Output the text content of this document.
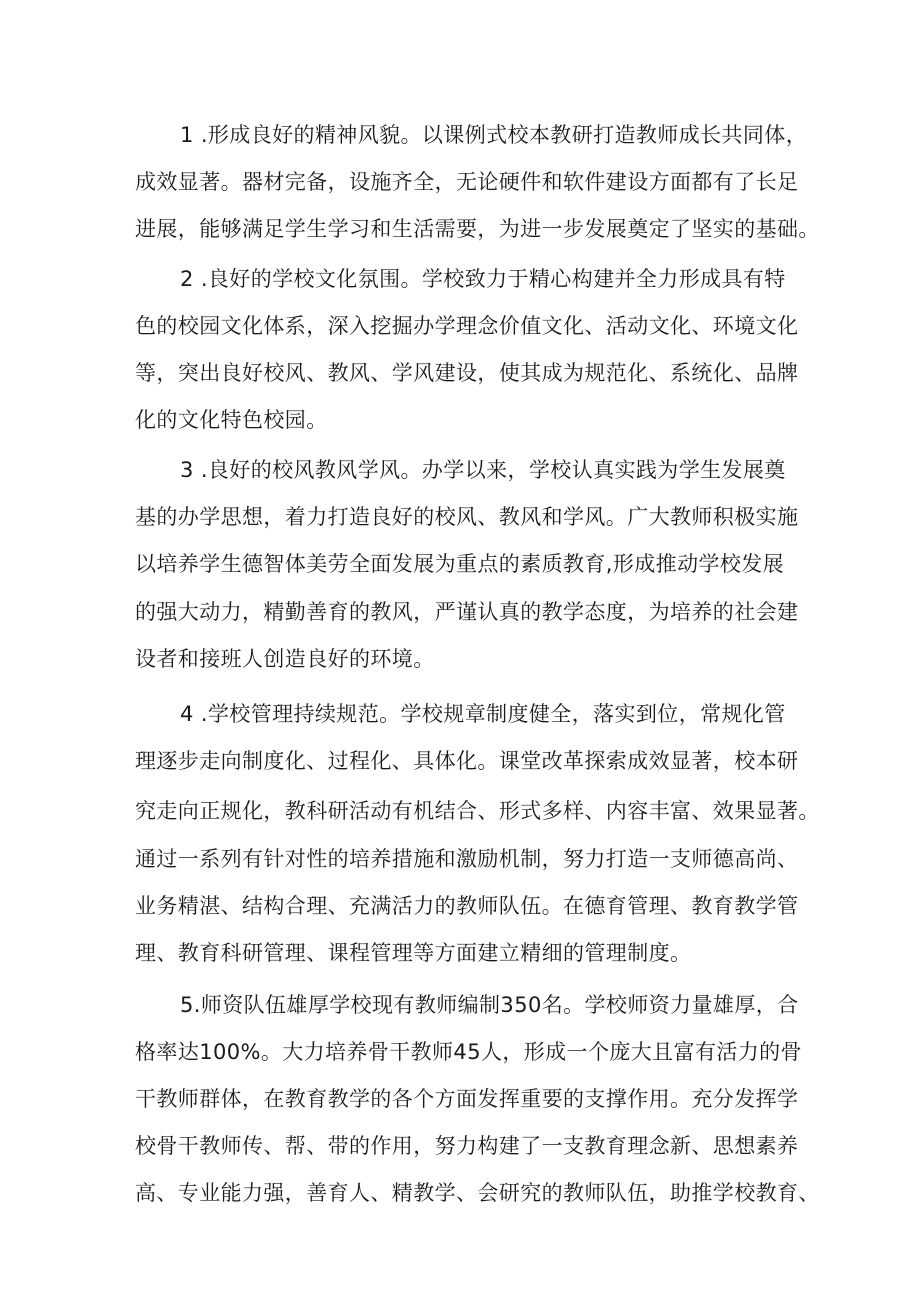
1 .形成良好的精神风貌。以课例式校本教研打造教师成长共同体，
成效显著。器材完备，设施齐全，无论硬件和软件建设方面都有了长足
进展，能够满足学生学习和生活需要，为进一步发展奠定了坚实的基础。
2 .良好的学校文化氛围。学校致力于精心构建并全力形成具有特
色的校园文化体系，深入挖掘办学理念价值文化、活动文化、环境文化
等，突出良好校风、教风、学风建设，使其成为规范化、系统化、品牌
化的文化特色校园。
3 .良好的校风教风学风。办学以来，学校认真实践为学生发展奠
基的办学思想，着力打造良好的校风、教风和学风。广大教师积极实施
以培养学生德智体美劳全面发展为重点的素质教育,形成推动学校发展
的强大动力，精勤善育的教风，严谨认真的教学态度，为培养的社会建
设者和接班人创造良好的环境。
4 .学校管理持续规范。学校规章制度健全，落实到位，常规化管
理逐步走向制度化、过程化、具体化。课堂改革探索成效显著，校本研
究走向正规化，教科研活动有机结合、形式多样、内容丰富、效果显著。
通过一系列有针对性的培养措施和激励机制，努力打造一支师德高尚、
业务精湛、结构合理、充满活力的教师队伍。在德育管理、教育教学管
理、教育科研管理、课程管理等方面建立精细的管理制度。
5.师资队伍雄厚学校现有教师编制350名。学校师资力量雄厚，合
格率达100%。大力培养骨干教师45人，形成一个庞大且富有活力的骨
干教师群体，在教育教学的各个方面发挥重要的支撑作用。充分发挥学
校骨干教师传、帮、带的作用，努力构建了一支教育理念新、思想素养
高、专业能力强，善育人、精教学、会研究的教师队伍，助推学校教育、
